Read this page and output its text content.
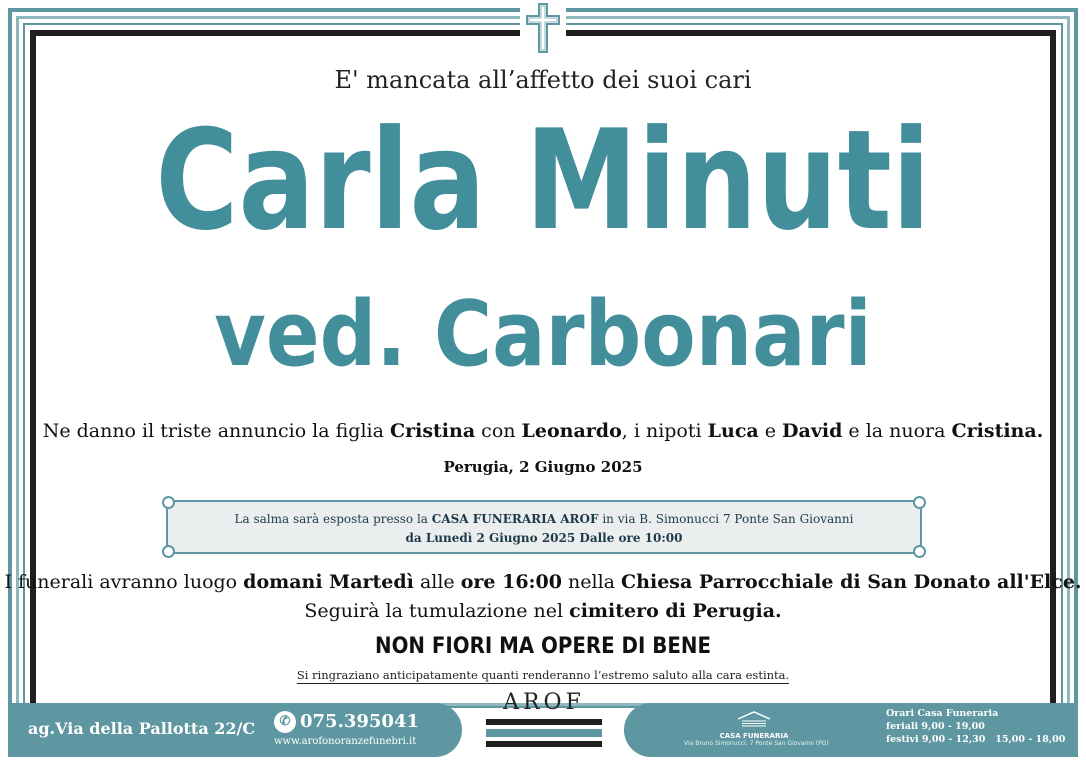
E' mancata all’affetto dei suoi cari
Carla Minuti
ved. Carbonari
Ne danno il triste annuncio la figlia Cristina con Leonardo, i nipoti Luca e David e la nuora Cristina.
Perugia, 2 Giugno 2025
La salma sarà esposta presso la CASA FUNERARIA AROF in via B. Simonucci 7 Ponte San Giovanni
da Lunedì 2 Giugno 2025 Dalle ore 10:00
I funerali avranno luogo domani Martedì alle ore 16:00 nella Chiesa Parrocchiale di San Donato all'Elce.
Seguirà la tumulazione nel cimitero di Perugia.
NON FIORI MA OPERE DI BENE
Si ringraziano anticipatamente quanti renderanno l’estremo saluto alla cara estinta.
ag.Via della Pallotta 22/C	✆ 075.395041
www.arofonoranzefunebri.it
AROF
CASA FUNERARIA
Via Bruno Simonucci, 7 Ponte San Giovanni (PG)
Orari Casa Funeraria
feriali 9,00 - 19,00
festivi 9,00 - 12,30   15,00 - 18,00
